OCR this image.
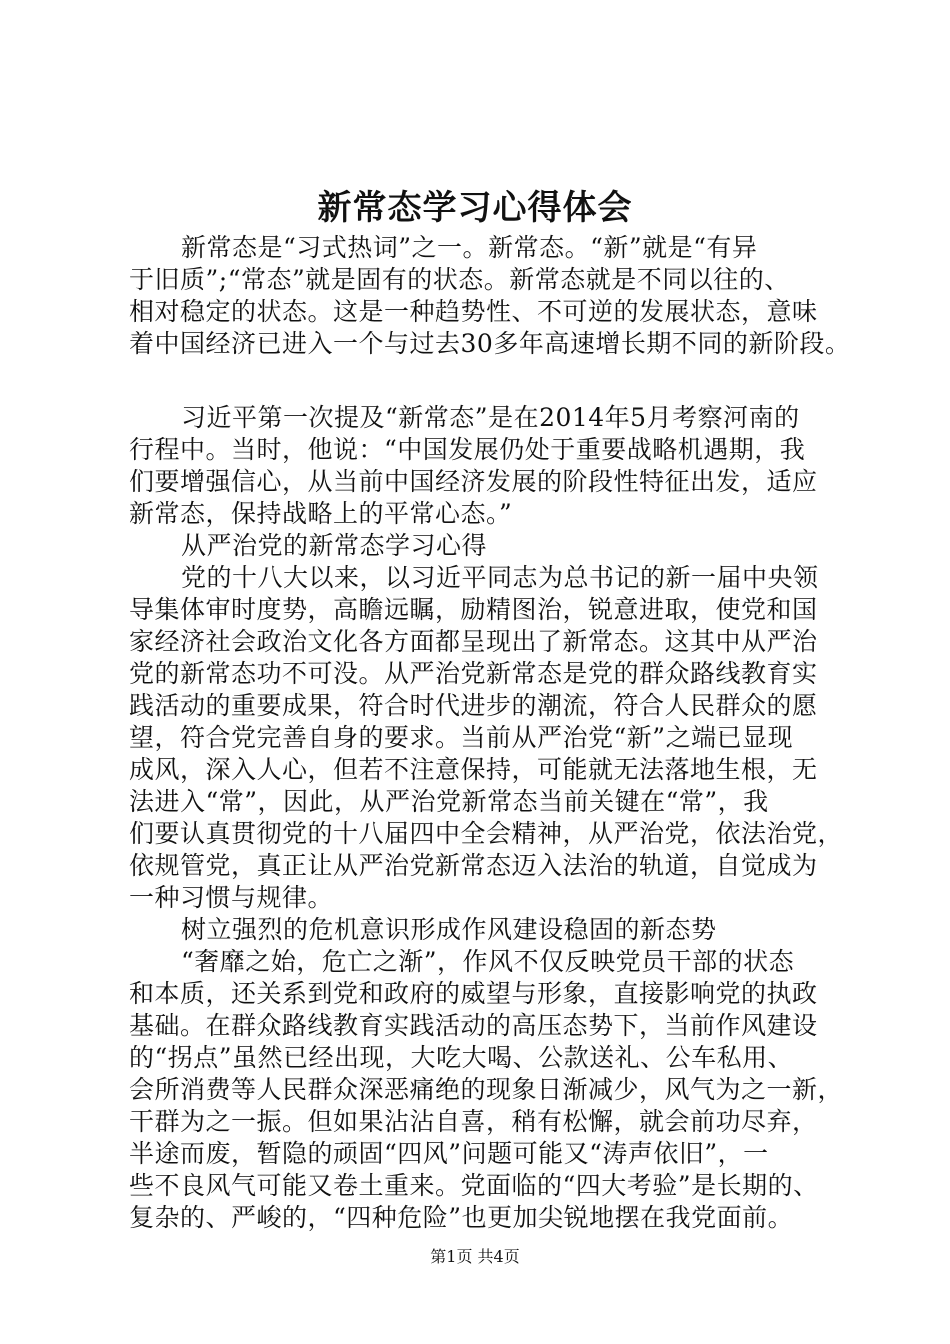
新常态学习心得体会
新常态是“习式热词”之一。新常态。“新”就是“有异
于旧质”;“常态”就是固有的状态。新常态就是不同以往的、
相对稳定的状态。这是一种趋势性、不可逆的发展状态，意味
着中国经济已进入一个与过去30多年高速增长期不同的新阶段。
习近平第一次提及“新常态”是在2014年5月考察河南的
行程中。当时，他说：“中国发展仍处于重要战略机遇期，我
们要增强信心，从当前中国经济发展的阶段性特征出发，适应
新常态，保持战略上的平常心态。”
从严治党的新常态学习心得
党的十八大以来，以习近平同志为总书记的新一届中央领
导集体审时度势，高瞻远瞩，励精图治，锐意进取，使党和国
家经济社会政治文化各方面都呈现出了新常态。这其中从严治
党的新常态功不可没。从严治党新常态是党的群众路线教育实
践活动的重要成果，符合时代进步的潮流，符合人民群众的愿
望，符合党完善自身的要求。当前从严治党“新”之端已显现
成风，深入人心，但若不注意保持，可能就无法落地生根，无
法进入“常”，因此，从严治党新常态当前关键在“常”，我
们要认真贯彻党的十八届四中全会精神，从严治党，依法治党，
依规管党，真正让从严治党新常态迈入法治的轨道，自觉成为
一种习惯与规律。
树立强烈的危机意识形成作风建设稳固的新态势
“奢靡之始，危亡之渐”，作风不仅反映党员干部的状态
和本质，还关系到党和政府的威望与形象，直接影响党的执政
基础。在群众路线教育实践活动的高压态势下，当前作风建设
的“拐点”虽然已经出现，大吃大喝、公款送礼、公车私用、
会所消费等人民群众深恶痛绝的现象日渐减少，风气为之一新，
干群为之一振。但如果沾沾自喜，稍有松懈，就会前功尽弃，
半途而废，暂隐的顽固“四风”问题可能又“涛声依旧”，一
些不良风气可能又卷土重来。党面临的“四大考验”是长期的、
复杂的、严峻的，“四种危险”也更加尖锐地摆在我党面前。
第1页 共4页
